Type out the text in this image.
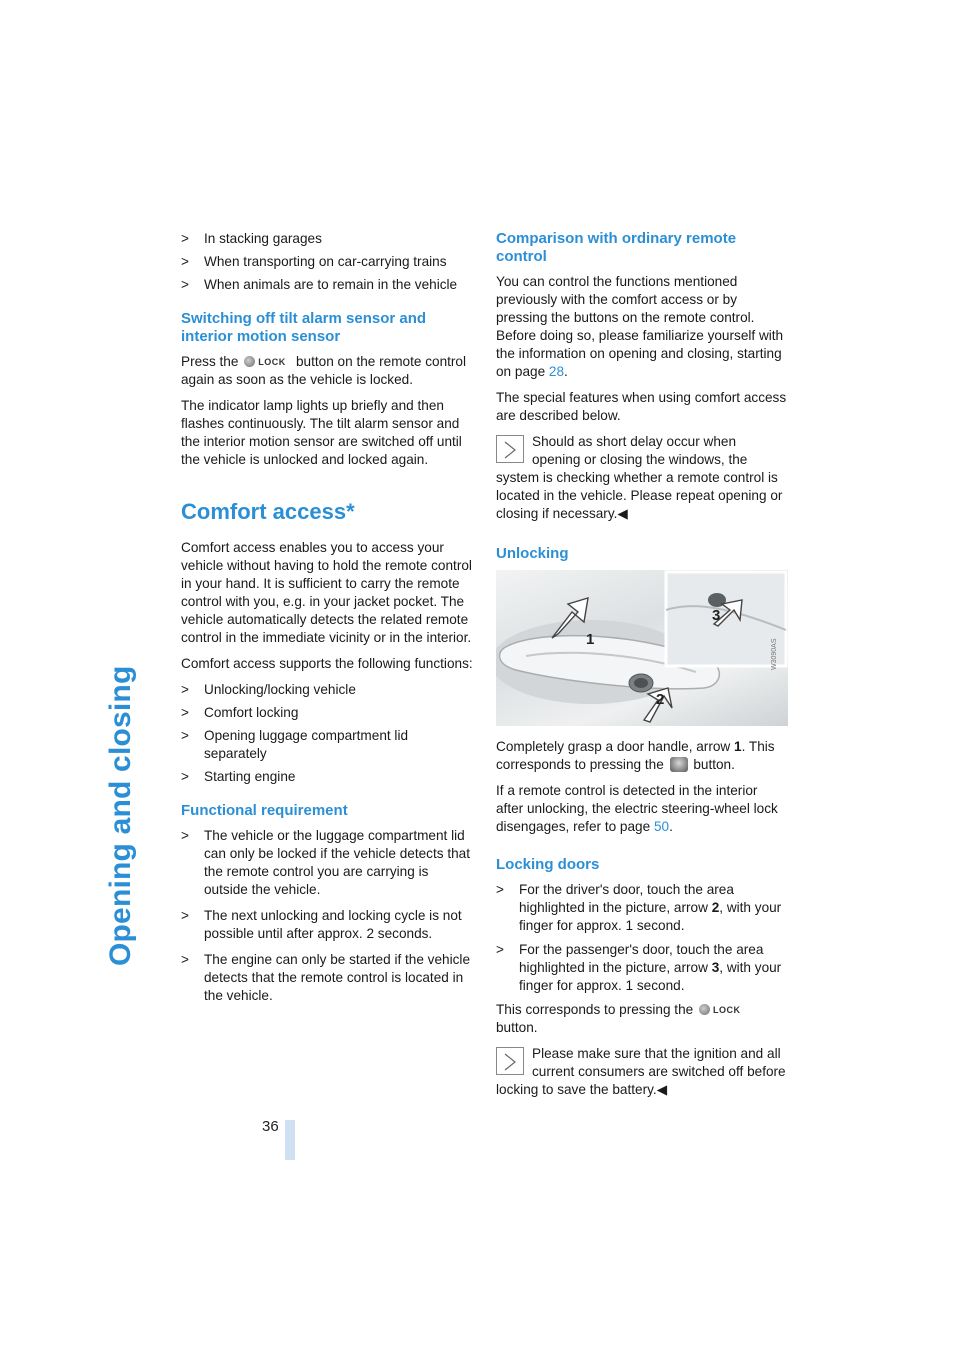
Opening and closing
36
>	In stacking garages
>	When transporting on car-carrying trains
>	When animals are to remain in the vehicle
Switching off tilt alarm sensor and interior motion sensor

Press the LOCK button on the remote control again as soon as the vehicle is locked.

The indicator lamp lights up briefly and then flashes continuously. The tilt alarm sensor and the interior motion sensor are switched off until the vehicle is unlocked and locked again.

Comfort access*

Comfort access enables you to access your vehicle without having to hold the remote control in your hand. It is sufficient to carry the remote control with you, e.g. in your jacket pocket. The vehicle automatically detects the related remote control in the immediate vicinity or in the interior.

Comfort access supports the following functions:

>	Unlocking/locking vehicle
>	Comfort locking
>	Opening luggage compartment lid separately
>	Starting engine
Functional requirement
>	The vehicle or the luggage compartment lid can only be locked if the vehicle detects that the remote control you are carrying is outside the vehicle.
>	The next unlocking and locking cycle is not possible until after approx. 2 seconds.
>	The engine can only be started if the vehicle detects that the remote control is located in the vehicle.
Comparison with ordinary remote control

You can control the functions mentioned previously with the comfort access or by pressing the buttons on the remote control. Before doing so, please familiarize yourself with the information on opening and closing, starting on page 28.

The special features when using comfort access are described below.

Should as short delay occur when opening or closing the windows, the system is checking whether a remote control is located in the vehicle. Please repeat opening or closing if necessary.◀

Unlocking
1
2
3
W3090AS

Completely grasp a door handle, arrow 1. This corresponds to pressing the button.

If a remote control is detected in the interior after unlocking, the electric steering-wheel lock disengages, refer to page 50.

Locking doors
>	For the driver's door, touch the area highlighted in the picture, arrow 2, with your finger for approx. 1 second.
>	For the passenger's door, touch the area highlighted in the picture, arrow 3, with your finger for approx. 1 second.

This corresponds to pressing the LOCK
button.

Please make sure that the ignition and all current consumers are switched off before locking to save the battery.◀
